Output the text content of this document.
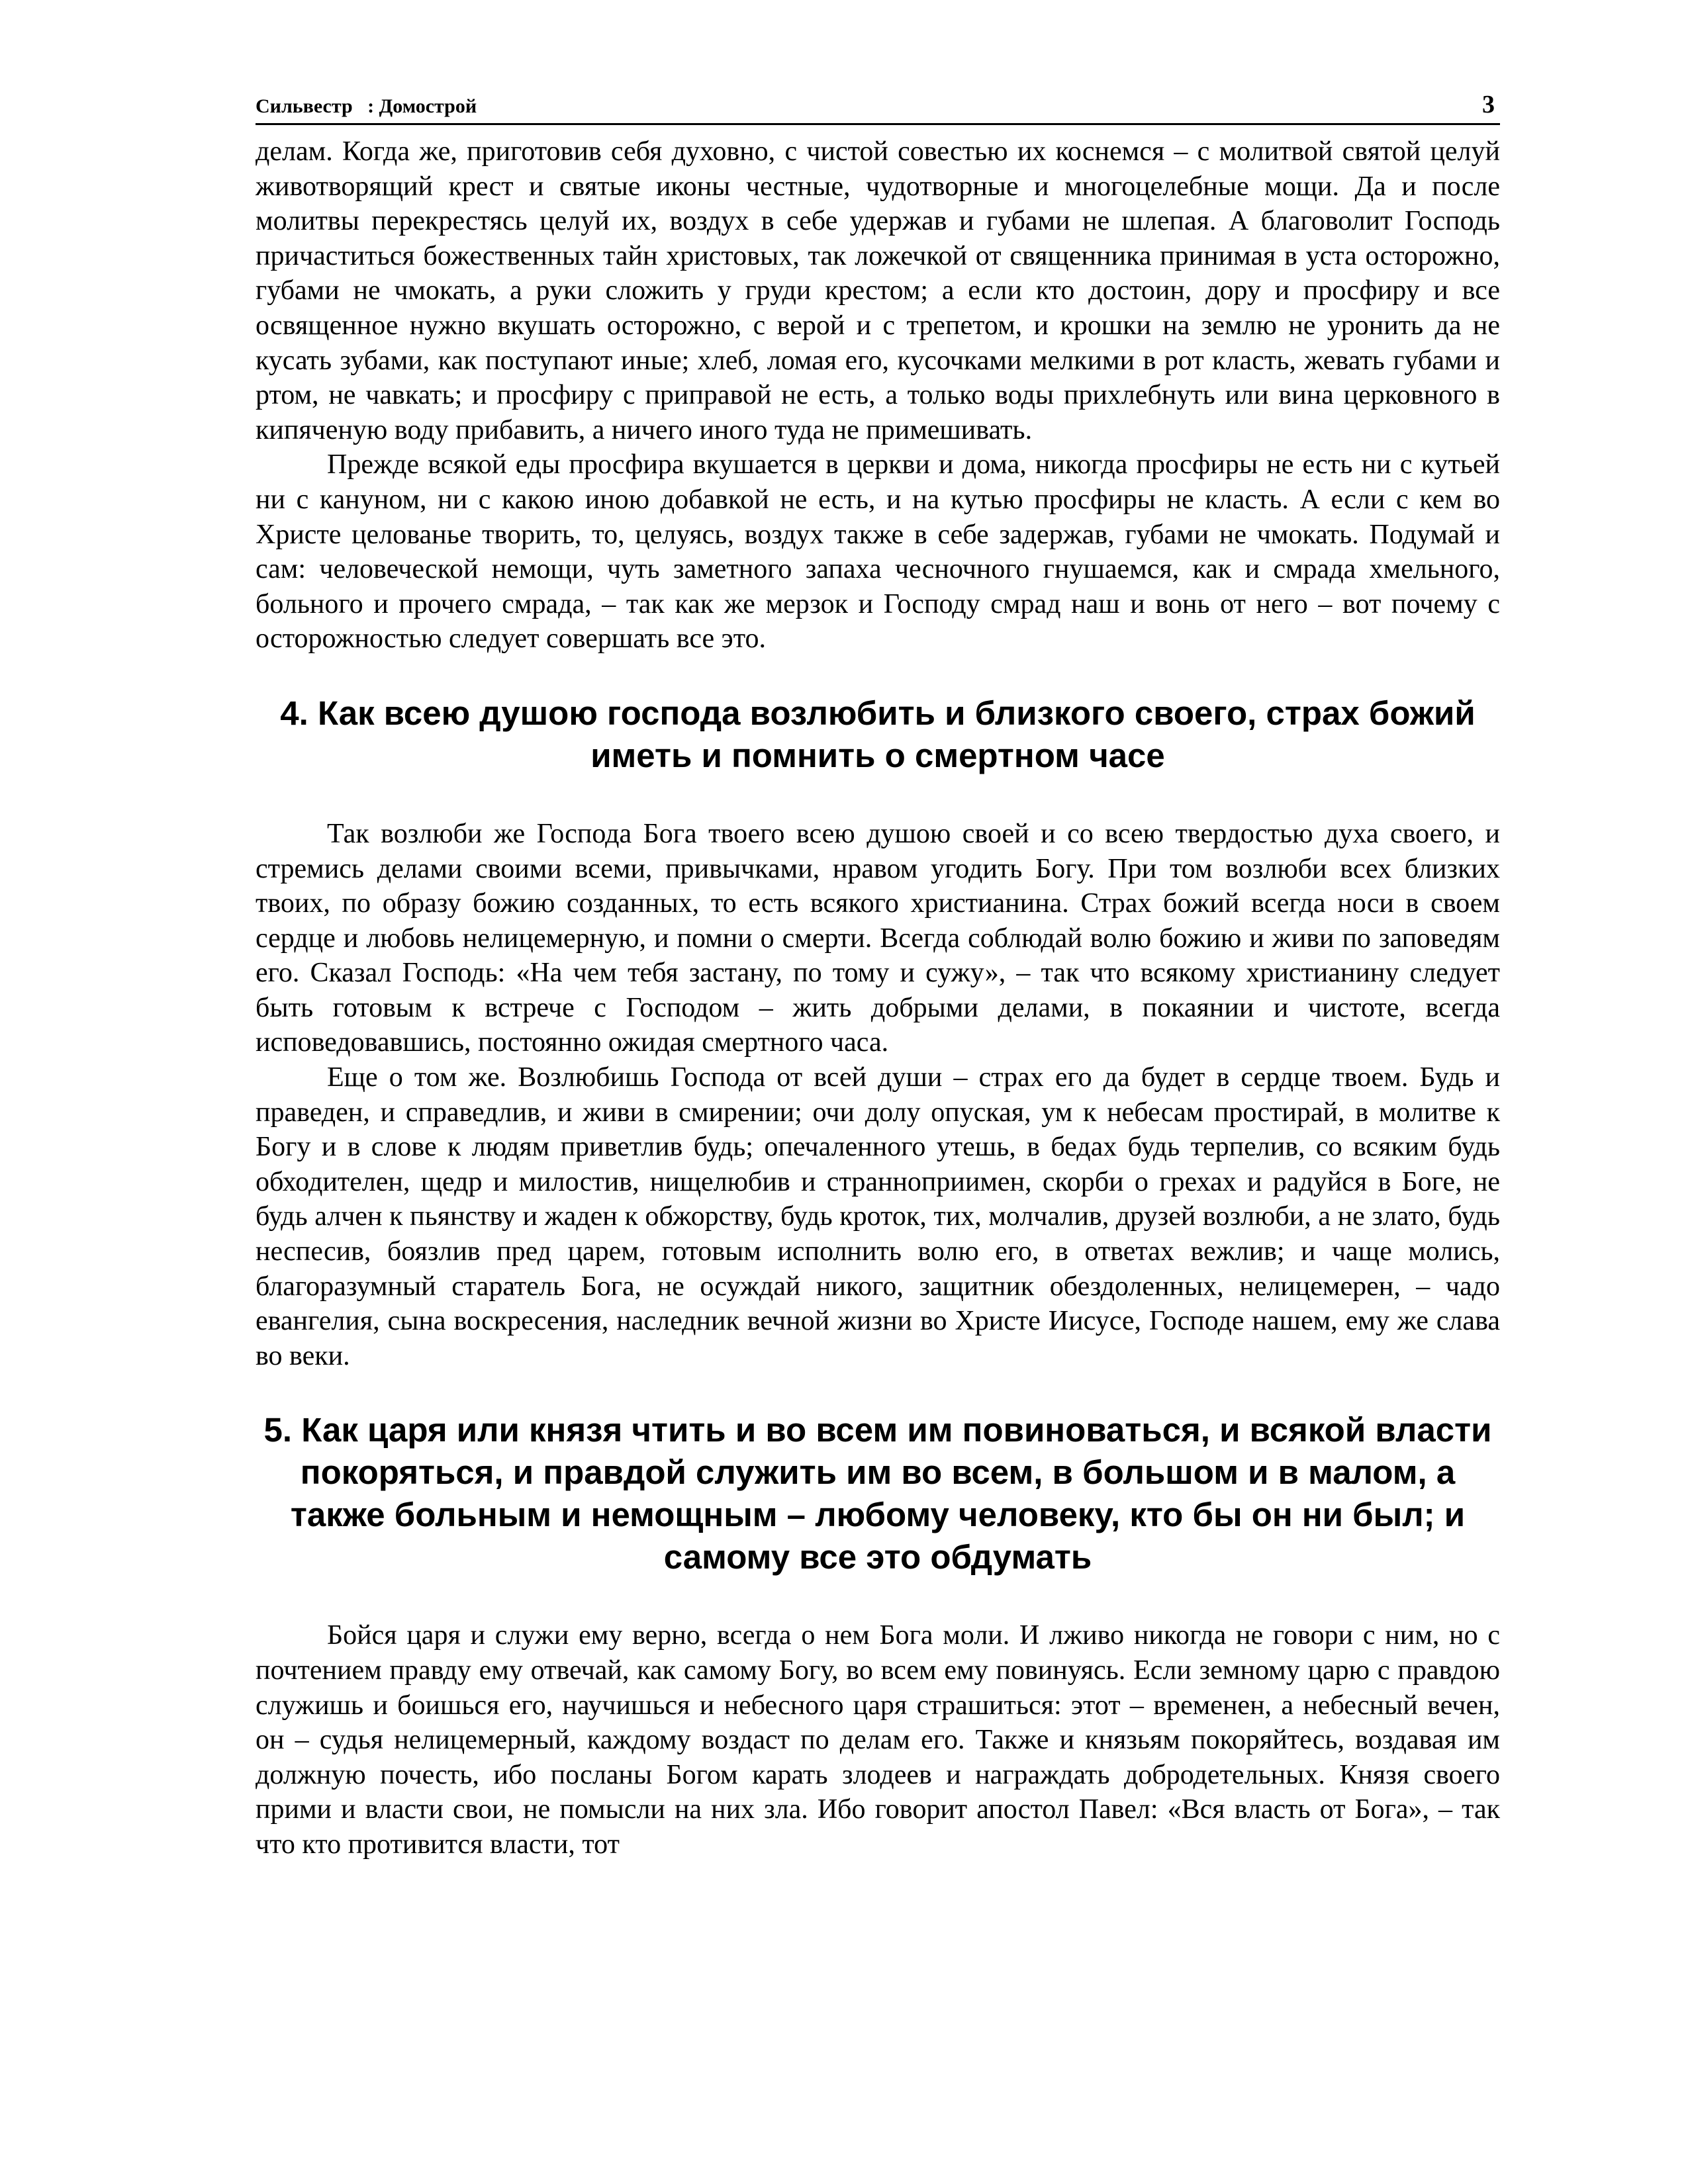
Сильвестр   : Домострой	3

делам. Когда же, приготовив себя духовно, с чистой совестью их коснемся – с молитвой святой целуй животворящий крест и святые иконы честные, чудотворные и многоцелебные мощи. Да и после молитвы перекрестясь целуй их, воздух в себе удержав и губами не шлепая. А благоволит Господь причаститься божественных тайн христовых, так ложечкой от священника принимая в уста осторожно, губами не чмокать, а руки сложить у груди крестом; а если кто достоин, дору и просфиру и все освященное нужно вкушать осторожно, с верой и с трепетом, и крошки на землю не уронить да не кусать зубами, как поступают иные; хлеб, ломая его, кусочками мелкими в рот класть, жевать губами и ртом, не чавкать; и просфиру с приправой не есть, а только воды прихлебнуть или вина церковного в кипяченую воду прибавить, а ничего иного туда не примешивать.

Прежде всякой еды просфира вкушается в церкви и дома, никогда просфиры не есть ни с кутьей ни с кануном, ни с какою иною добавкой не есть, и на кутью просфиры не класть. А если с кем во Христе целованье творить, то, целуясь, воздух также в себе задержав, губами не чмокать. Подумай и сам: человеческой немощи, чуть заметного запаха чесночного гнушаемся, как и смрада хмельного, больного и прочего смрада, – так как же мерзок и Господу смрад наш и вонь от него – вот почему с осторожностью следует совершать все это.

4. Как всею душою господа возлюбить и близкого своего, страх божий иметь и помнить о смертном часе

Так возлюби же Господа Бога твоего всею душою своей и со всею твердостью духа своего, и стремись делами своими всеми, привычками, нравом угодить Богу. При том возлюби всех близких твоих, по образу божию созданных, то есть всякого христианина. Страх божий всегда носи в своем сердце и любовь нелицемерную, и помни о смерти. Всегда соблюдай волю божию и живи по заповедям его. Сказал Господь: «На чем тебя застану, по тому и сужу», – так что всякому христианину следует быть готовым к встрече с Господом – жить добрыми делами, в покаянии и чистоте, всегда исповедовавшись, постоянно ожидая смертного часа.

Еще о том же. Возлюбишь Господа от всей души – страх его да будет в сердце твоем. Будь и праведен, и справедлив, и живи в смирении; очи долу опуская, ум к небесам простирай, в молитве к Богу и в слове к людям приветлив будь; опечаленного утешь, в бедах будь терпелив, со всяким будь обходителен, щедр и милостив, нищелюбив и странноприимен, скорби о грехах и радуйся в Боге, не будь алчен к пьянству и жаден к обжорству, будь кроток, тих, молчалив, друзей возлюби, а не злато, будь неспесив, боязлив пред царем, готовым исполнить волю его, в ответах вежлив; и чаще молись, благоразумный старатель Бога, не осуждай никого, защитник обездоленных, нелицемерен, – чадо евангелия, сына воскресения, наследник вечной жизни во Христе Иисусе, Господе нашем, ему же слава во веки.

5. Как царя или князя чтить и во всем им повиноваться, и всякой власти покоряться, и правдой служить им во всем, в большом и в малом, а также больным и немощным – любому человеку, кто бы он ни был; и самому все это обдумать

Бойся царя и служи ему верно, всегда о нем Бога моли. И лживо никогда не говори с ним, но с почтением правду ему отвечай, как самому Богу, во всем ему повинуясь. Если земному царю с правдою служишь и боишься его, научишься и небесного царя страшиться: этот – временен, а небесный вечен, он – судья нелицемерный, каждому воздаст по делам его. Также и князьям покоряйтесь, воздавая им должную почесть, ибо посланы Богом карать злодеев и награждать добродетельных. Князя своего прими и власти свои, не помысли на них зла. Ибо говорит апостол Павел: «Вся власть от Бога», – так что кто противится власти, тот
